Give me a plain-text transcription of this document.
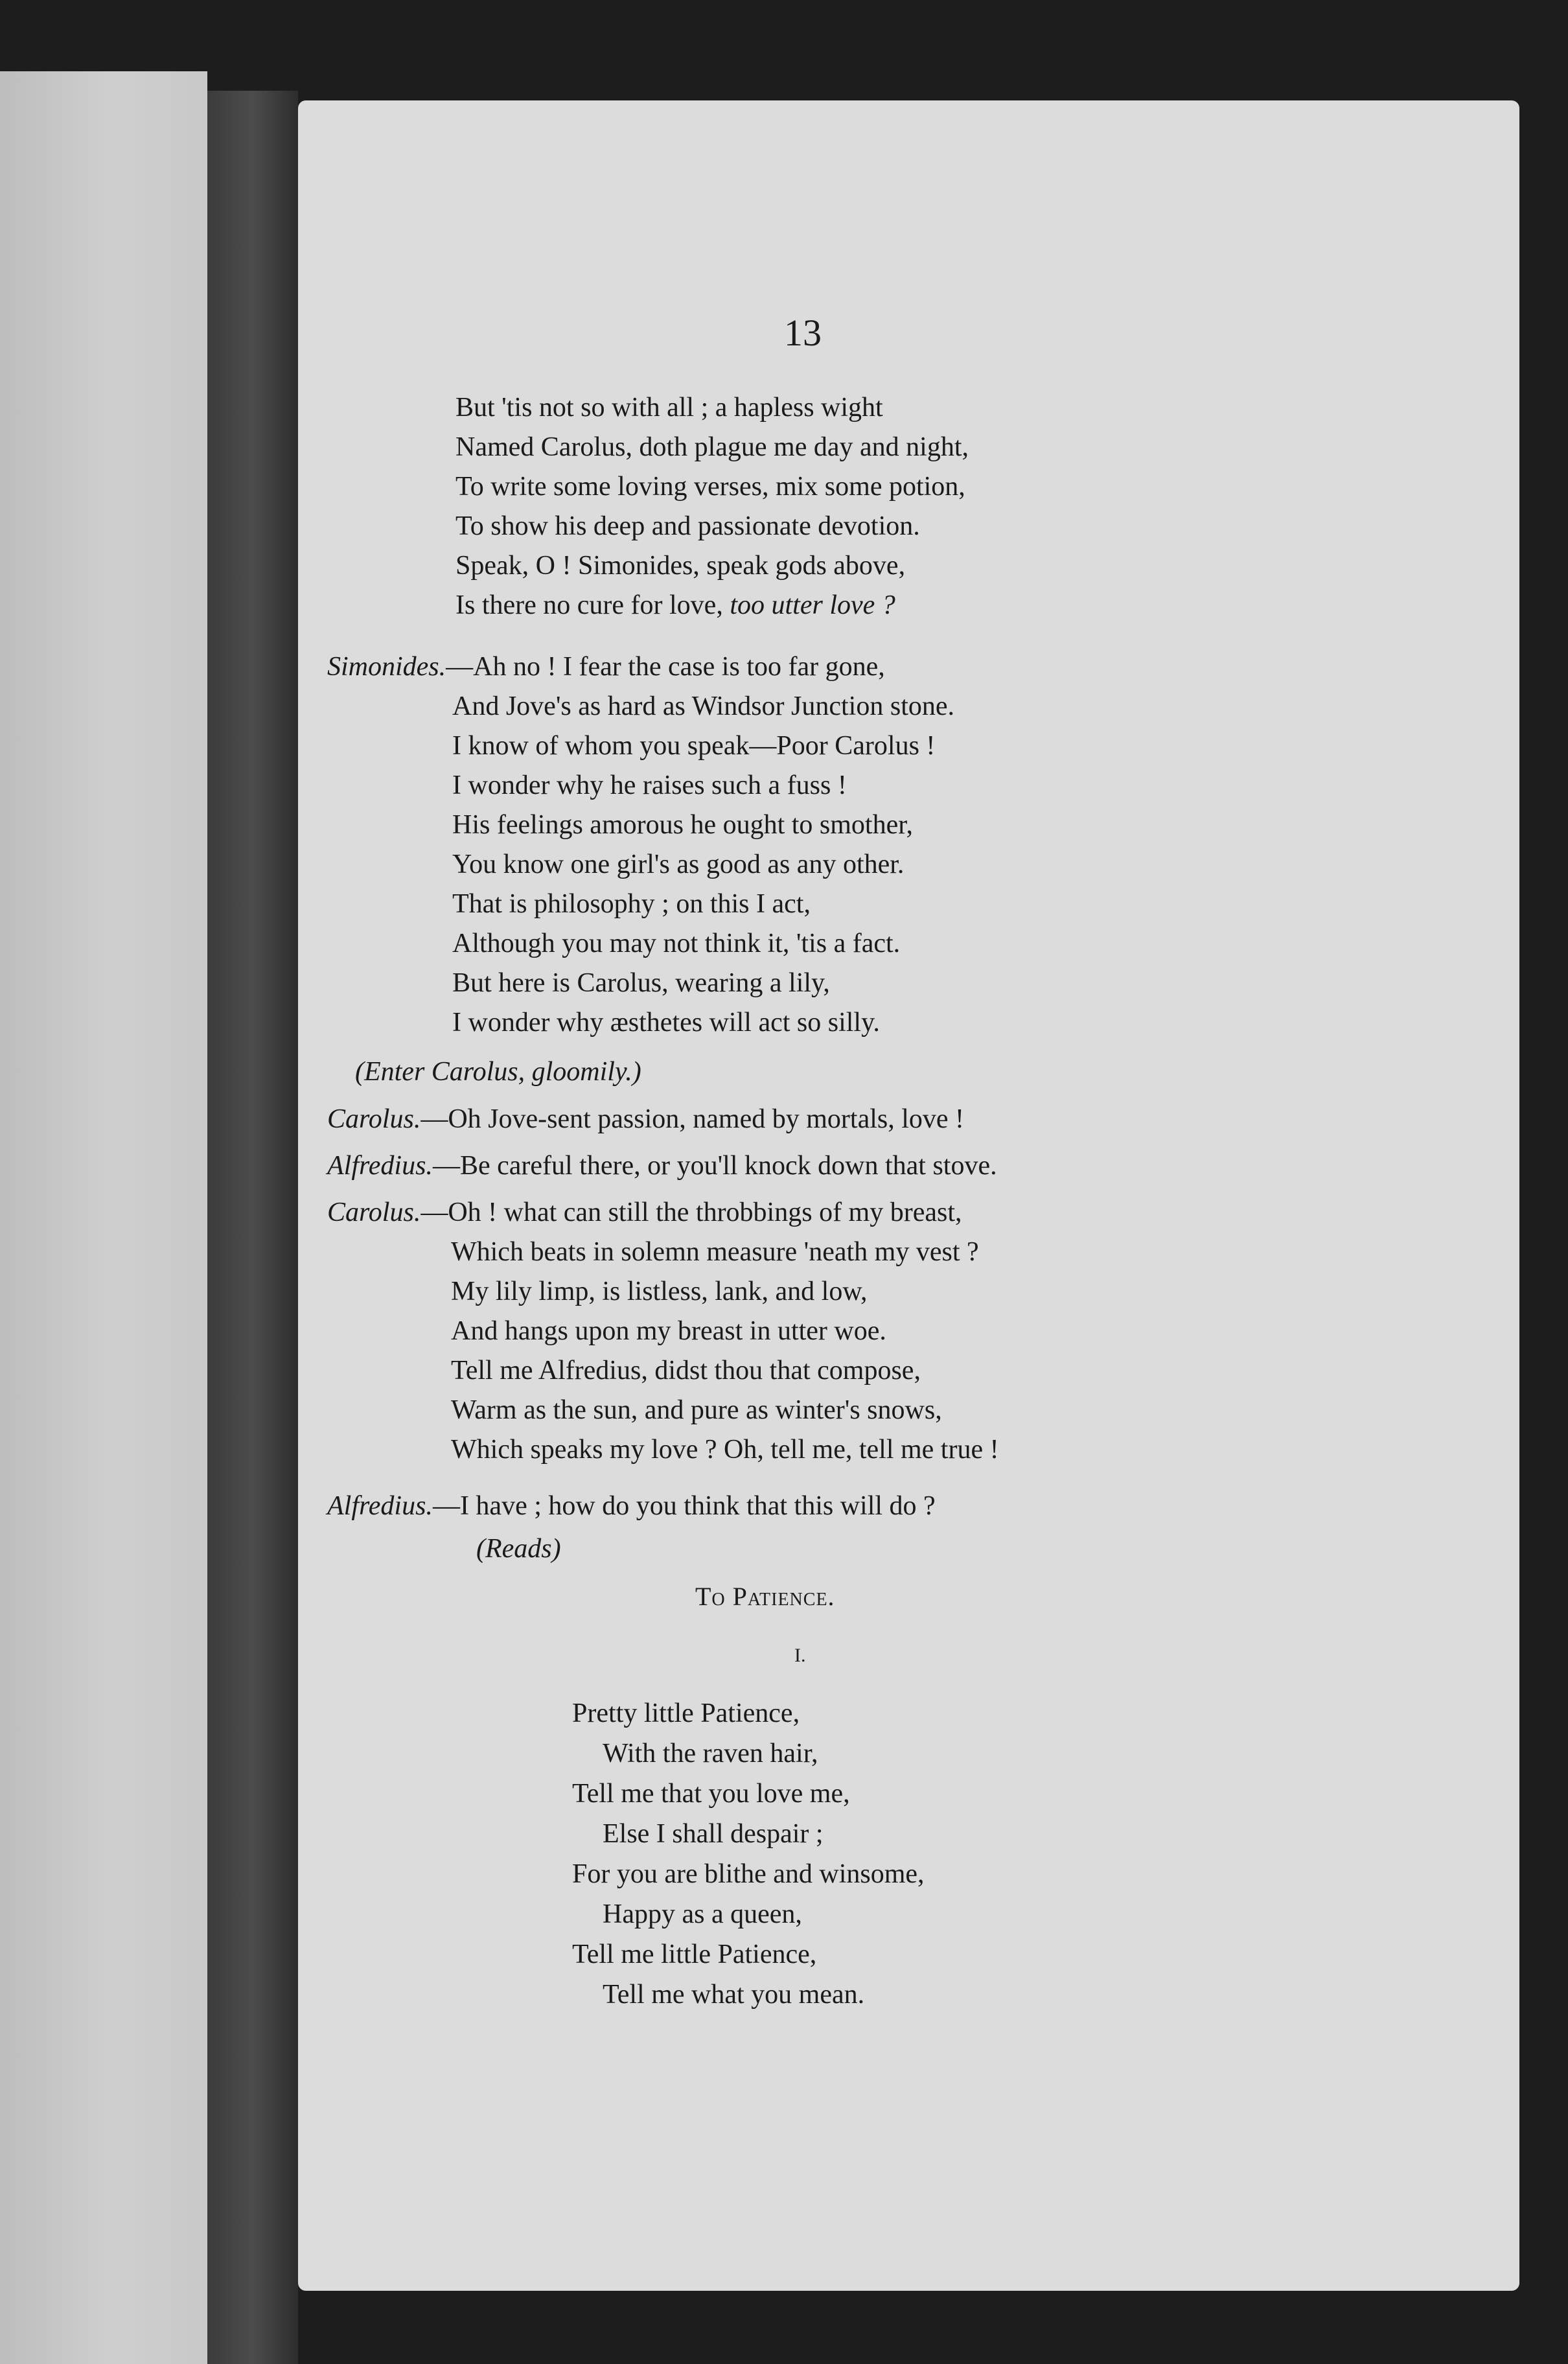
13
But 'tis not so with all ; a hapless wight
Named Carolus, doth plague me day and night,
To write some loving verses, mix some potion,
To show his deep and passionate devotion.
Speak, O ! Simonides, speak gods above,
Is there no cure for love, too utter love ?
Simonides.—Ah no ! I fear the case is too far gone,
And Jove's as hard as Windsor Junction stone.
I know of whom you speak—Poor Carolus !
I wonder why he raises such a fuss !
His feelings amorous he ought to smother,
You know one girl's as good as any other.
That is philosophy ; on this I act,
Although you may not think it, 'tis a fact.
But here is Carolus, wearing a lily,
I wonder why æsthetes will act so silly.
(Enter Carolus, gloomily.)
Carolus.—Oh Jove-sent passion, named by mortals, love !
Alfredius.—Be careful there, or you'll knock down that stove.
Carolus.—Oh ! what can still the throbbings of my breast,
Which beats in solemn measure 'neath my vest ?
My lily limp, is listless, lank, and low,
And hangs upon my breast in utter woe.
Tell me Alfredius, didst thou that compose,
Warm as the sun, and pure as winter's snows,
Which speaks my love ? Oh, tell me, tell me true !
Alfredius.—I have ; how do you think that this will do ?
(Reads)
To Patience.
I.
Pretty little Patience,
With the raven hair,
Tell me that you love me,
Else I shall despair ;
For you are blithe and winsome,
Happy as a queen,
Tell me little Patience,
Tell me what you mean.
